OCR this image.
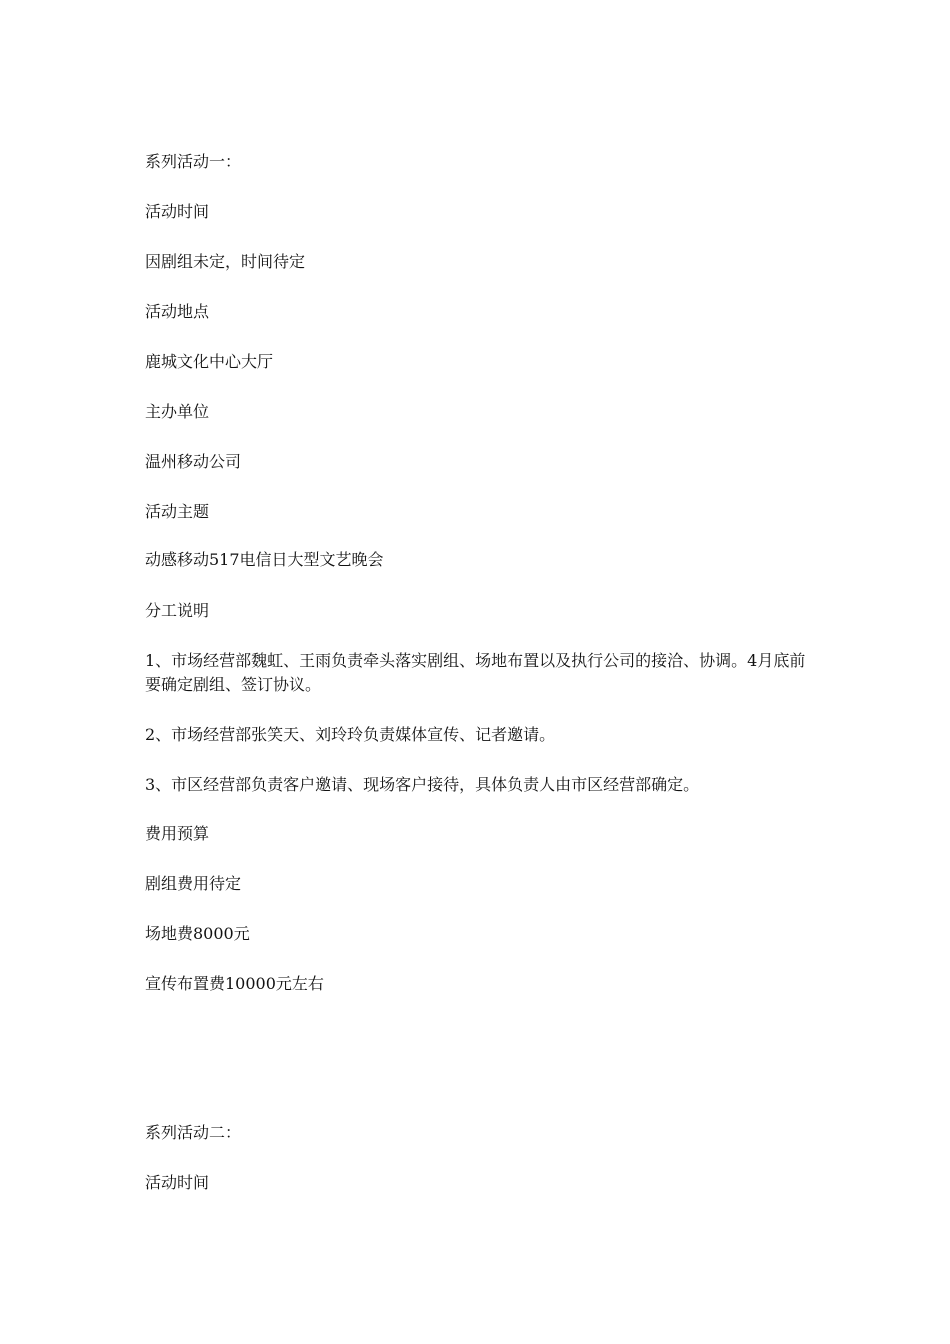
系列活动一：
活动时间
因剧组未定，时间待定
活动地点
鹿城文化中心大厅
主办单位
温州移动公司
活动主题
动感移动517电信日大型文艺晚会
分工说明
1、市场经营部魏虹、王雨负责牵头落实剧组、场地布置以及执行公司的接洽、协调。4月底前要确定剧组、签订协议。
2、市场经营部张笑天、刘玲玲负责媒体宣传、记者邀请。
3、市区经营部负责客户邀请、现场客户接待，具体负责人由市区经营部确定。
费用预算
剧组费用待定
场地费8000元
宣传布置费10000元左右
系列活动二：
活动时间
